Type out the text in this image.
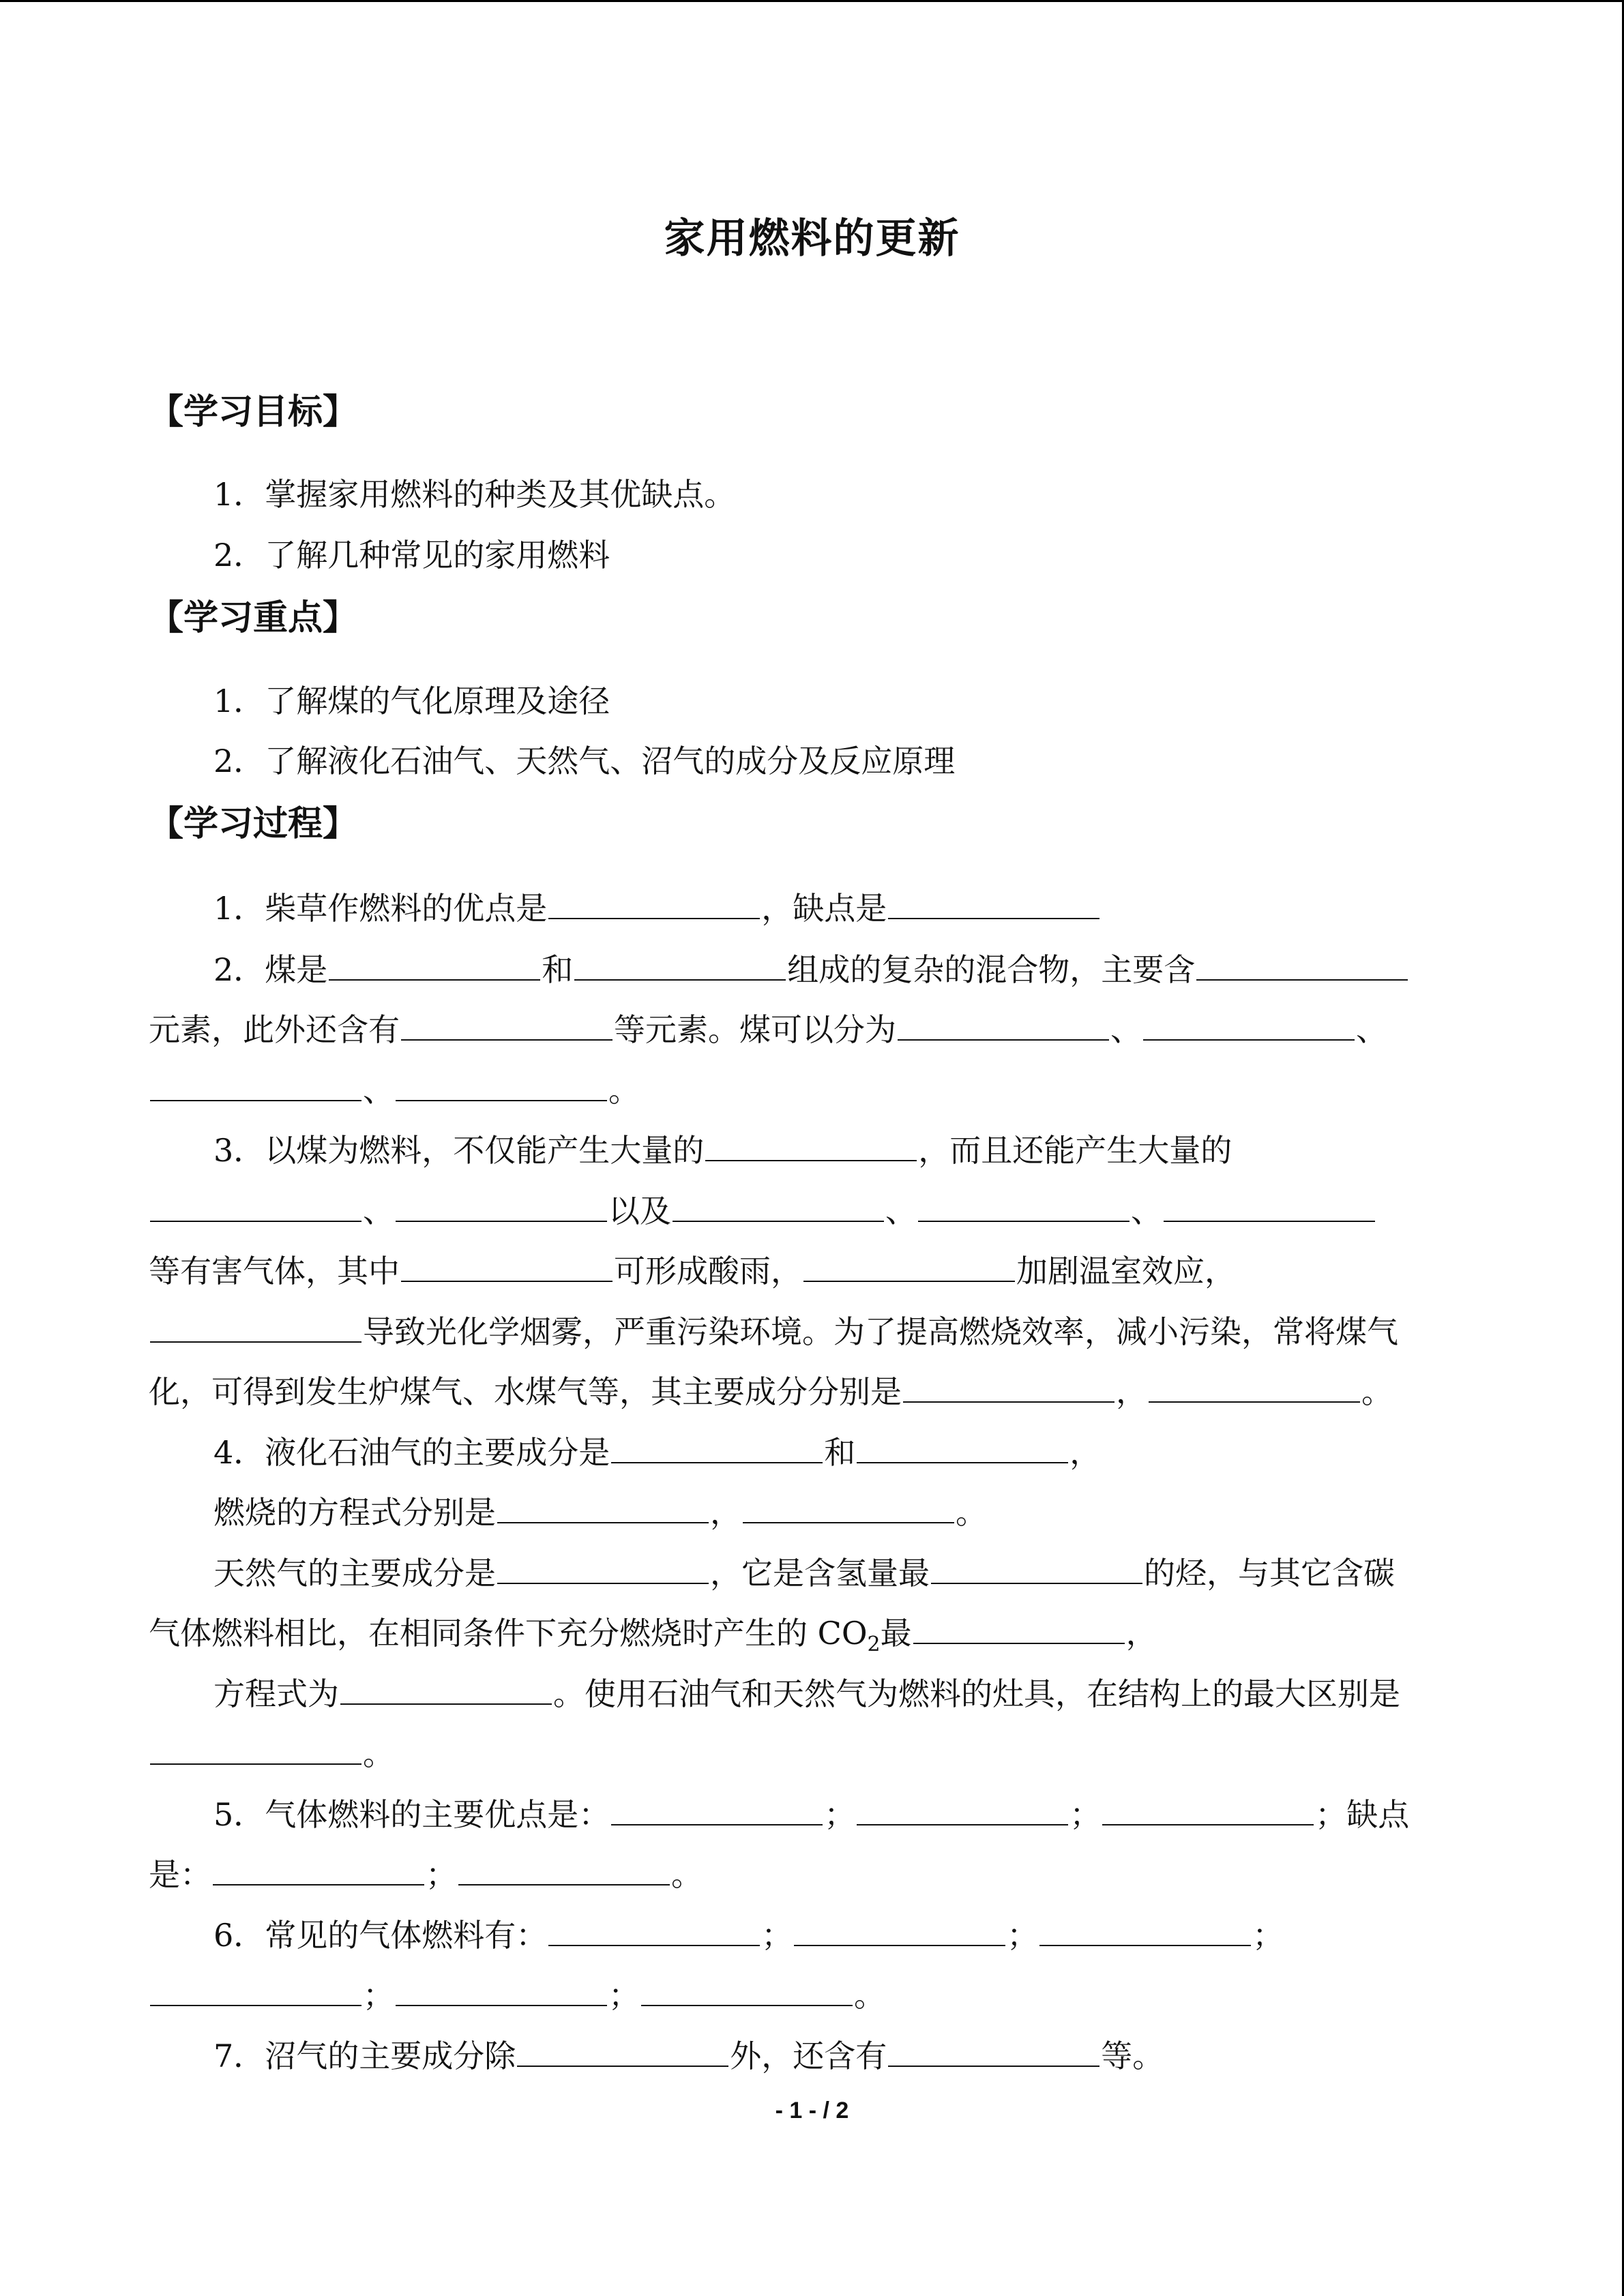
家用燃料的更新
【学习目标】
1．掌握家用燃料的种类及其优缺点。
2．了解几种常见的家用燃料
【学习重点】
1．了解煤的气化原理及途径
2．了解液化石油气、天然气、沼气的成分及反应原理
【学习过程】
1．柴草作燃料的优点是	，缺点是
2．煤是	和	组成的复杂的混合物，主要含
元素，此外还含有	等元素。煤可以分为	、	、
、	。
3．以煤为燃料，不仅能产生大量的	，而且还能产生大量的
、	以及	、	、
等有害气体，其中	可形成酸雨，	加剧温室效应，
导致光化学烟雾，严重污染环境。为了提高燃烧效率，减小污染，常将煤气
化，可得到发生炉煤气、水煤气等，其主要成分分别是	，	。
4．液化石油气的主要成分是	和	，
燃烧的方程式分别是	，	。
天然气的主要成分是	，它是含氢量最	的烃，与其它含碳
气体燃料相比，在相同条件下充分燃烧时产生的 $CO_2$最	，
方程式为	。使用石油气和天然气为燃料的灶具，在结构上的最大区别是
。
5．气体燃料的主要优点是：	；	；	；缺点
是：	；	。
6．常见的气体燃料有：	；	；	；
；	；	。
7．沼气的主要成分除	外，还含有	等。
- 1 - / 2
